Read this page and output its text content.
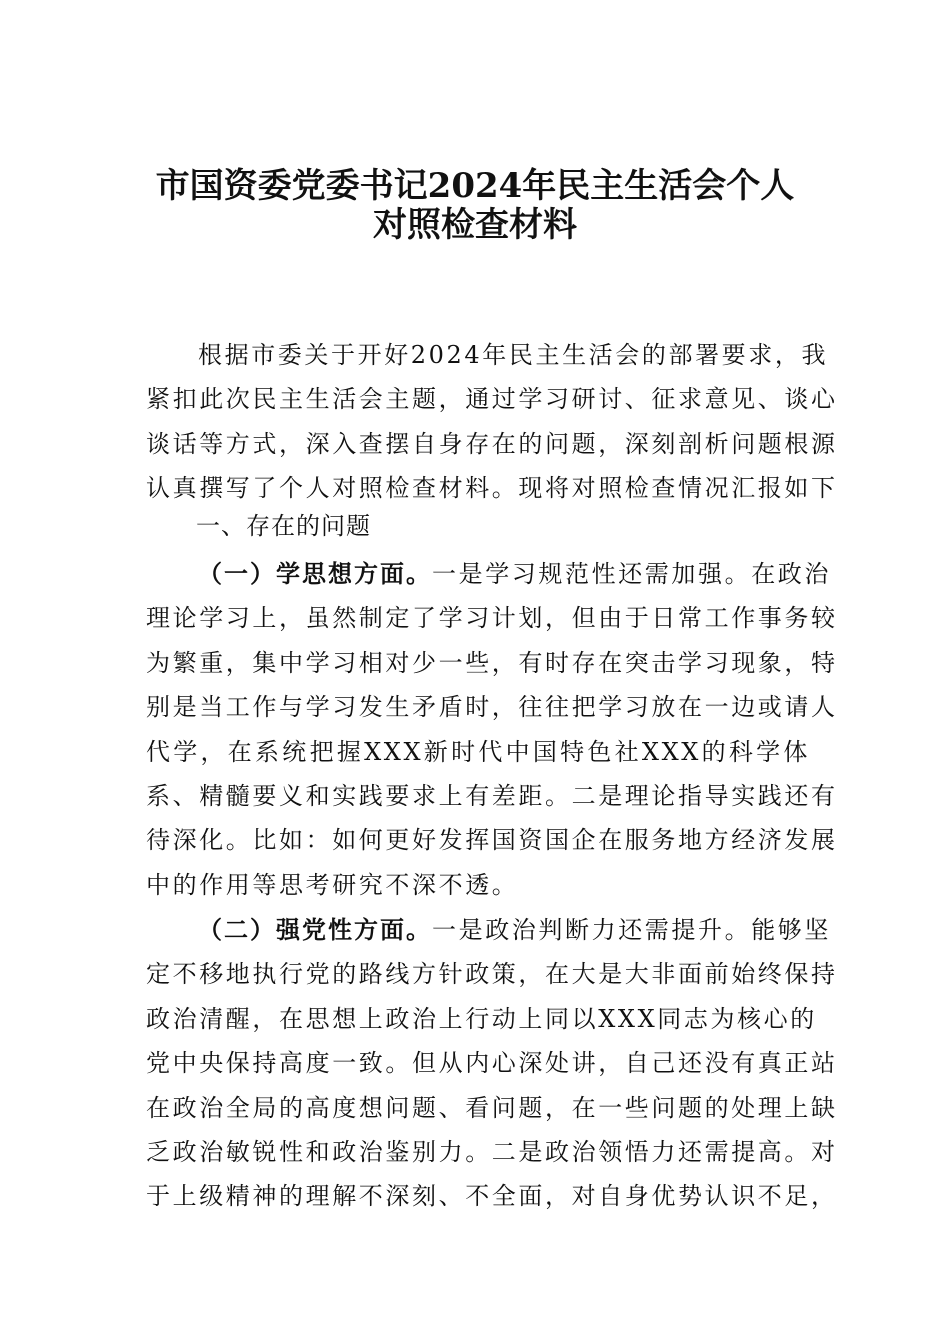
市国资委党委书记2024年民主生活会个人
对照检查材料
根据市委关于开好2024年民主生活会的部署要求，我
紧扣此次民主生活会主题，通过学习研讨、征求意见、谈心
谈话等方式，深入查摆自身存在的问题，深刻剖析问题根源
认真撰写了个人对照检查材料。现将对照检查情况汇报如下
一、存在的问题
（一）学思想方面。一是学习规范性还需加强。在政治
理论学习上，虽然制定了学习计划，但由于日常工作事务较
为繁重，集中学习相对少一些，有时存在突击学习现象，特
别是当工作与学习发生矛盾时，往往把学习放在一边或请人
代学，在系统把握XXX新时代中国特色社XXX的科学体
系、精髓要义和实践要求上有差距。二是理论指导实践还有
待深化。比如：如何更好发挥国资国企在服务地方经济发展
中的作用等思考研究不深不透。
（二）强党性方面。一是政治判断力还需提升。能够坚
定不移地执行党的路线方针政策，在大是大非面前始终保持
政治清醒，在思想上政治上行动上同以XXX同志为核心的
党中央保持高度一致。但从内心深处讲，自己还没有真正站
在政治全局的高度想问题、看问题，在一些问题的处理上缺
乏政治敏锐性和政治鉴别力。二是政治领悟力还需提高。对
于上级精神的理解不深刻、不全面，对自身优势认识不足，
